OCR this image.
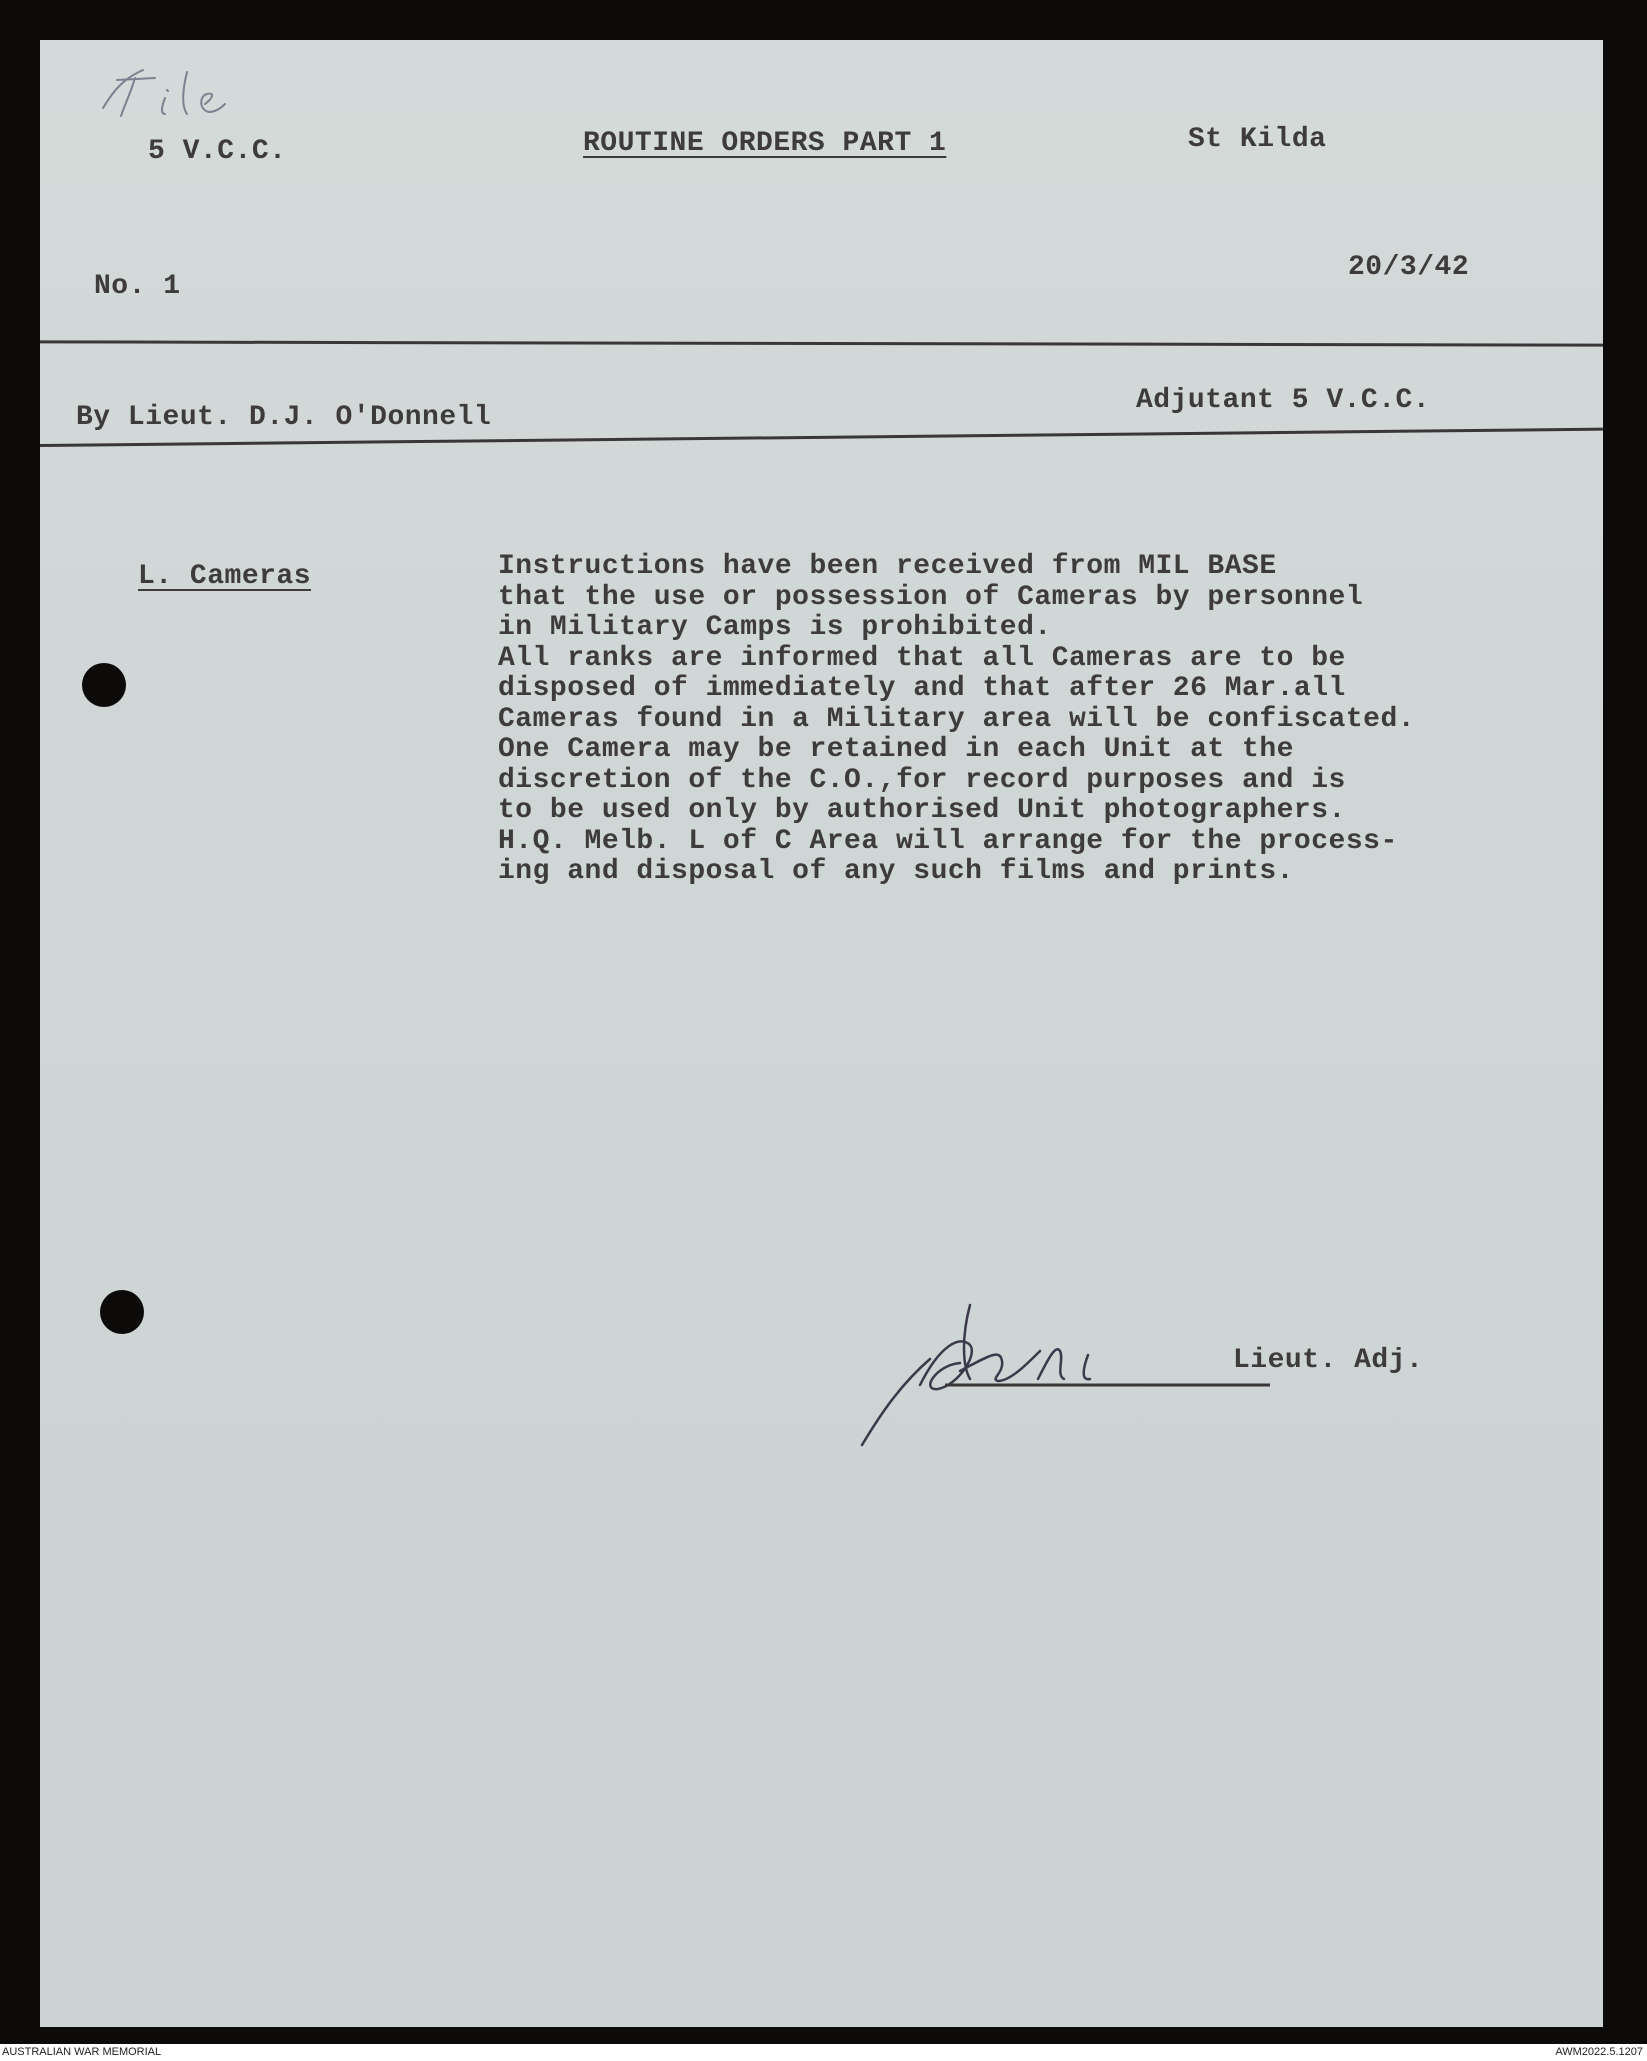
5 V.C.C.	ROUTINE ORDERS PART 1	St Kilda
No. 1
20/3/42
By Lieut. D.J. O'Donnell
Adjutant 5 V.C.C.
L. Cameras	Instructions have been received from MIL BASE
that the use or possession of Cameras by personnel
in Military Camps is prohibited.
All ranks are informed that all Cameras are to be
disposed of immediately and that after 26 Mar.all
Cameras found in a Military area will be confiscated.
One Camera may be retained in each Unit at the
discretion of the C.O.,for record purposes and is
to be used only by authorised Unit photographers.
H.Q. Melb. L of C Area will arrange for the process-
ing and disposal of any such films and prints.
Lieut. Adj.
AUSTRALIAN WAR MEMORIAL	AWM2022.5.1207
